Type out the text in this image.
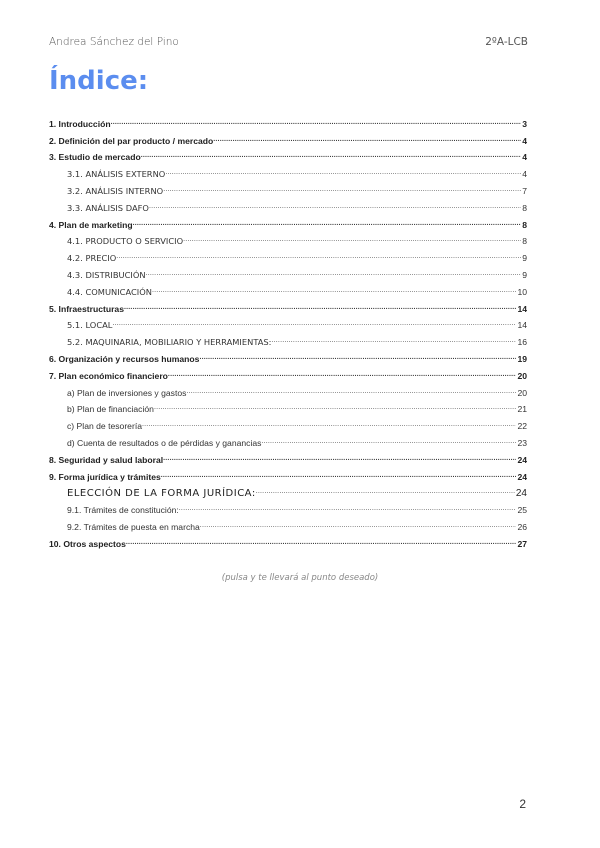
Andrea Sánchez del Pino	2ºA-LCB
Índice:
1. Introducción .....	3
2. Definición del par producto / mercado .....	4
3. Estudio de mercado .....	4
3.1. ANÁLISIS EXTERNO .....	4
3.2. ANÁLISIS INTERNO .....	7
3.3. ANÁLISIS DAFO .....	8
4. Plan de marketing .....	8
4.1. PRODUCTO O SERVICIO .....	8
4.2. PRECIO .....	9
4.3. DISTRIBUCIÓN .....	9
4.4. COMUNICACIÓN .....	10
5. Infraestructuras .....	14
5.1. LOCAL .....	14
5.2. MAQUINARIA, MOBILIARIO Y HERRAMIENTAS: .....	16
6. Organización y recursos humanos .....	19
7. Plan económico financiero .....	20
a) Plan de inversiones y gastos .....	20
b) Plan de financiación .....	21
c) Plan de tesorería .....	22
d) Cuenta de resultados o de pérdidas y ganancias .....	23
8. Seguridad y salud laboral .....	24
9. Forma jurídica y trámites .....	24
ELECCIÓN DE LA FORMA JURÍDICA: .....	24
9.1. Trámites de constitución: .....	25
9.2. Trámites de puesta en marcha .....	26
10. Otros aspectos .....	27
(pulsa y te llevará al punto deseado)
2
